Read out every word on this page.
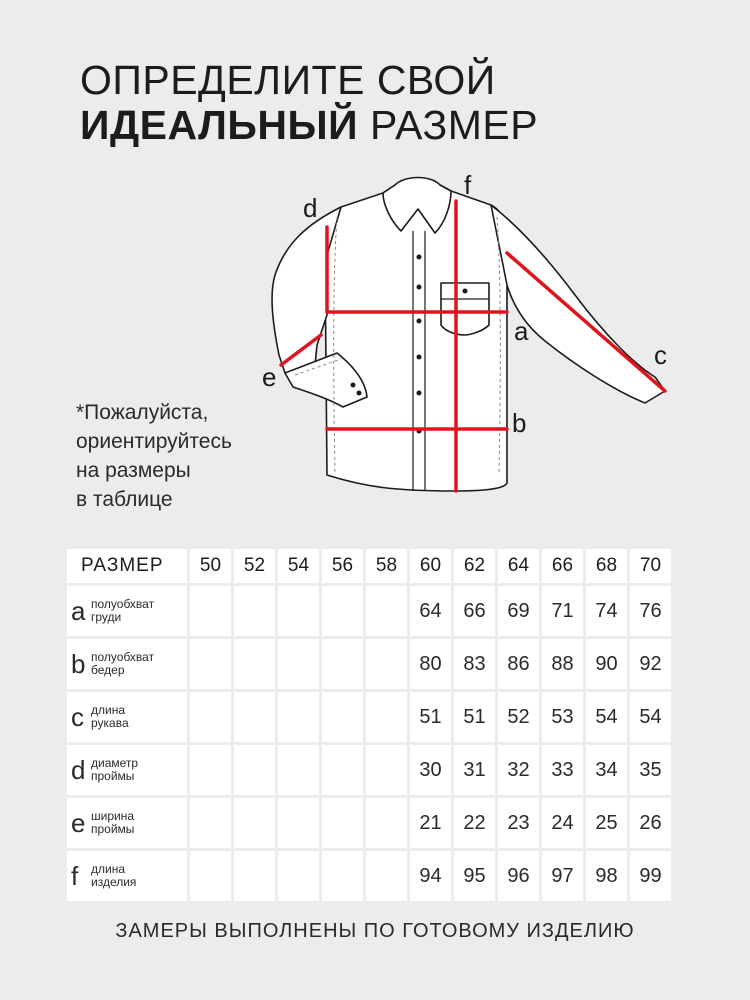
ОПРЕДЕЛИТЕ СВОЙ
ИДЕАЛЬНЫЙ РАЗМЕР
d
f
a
c
e
b
*Пожалуйста,
ориентируйтесь
на размеры
в таблице
РАЗМЕР	50	52	54	56	58	60	62	64	66	68	70
a полуобхват
груди						64	66	69	71	74	76
b полуобхват
бедер						80	83	86	88	90	92
c длина
рукава						51	51	52	53	54	54
d диаметр
проймы						30	31	32	33	34	35
e ширина
проймы						21	22	23	24	25	26
f длина
изделия						94	95	96	97	98	99
ЗАМЕРЫ ВЫПОЛНЕНЫ ПО ГОТОВОМУ ИЗДЕЛИЮ
